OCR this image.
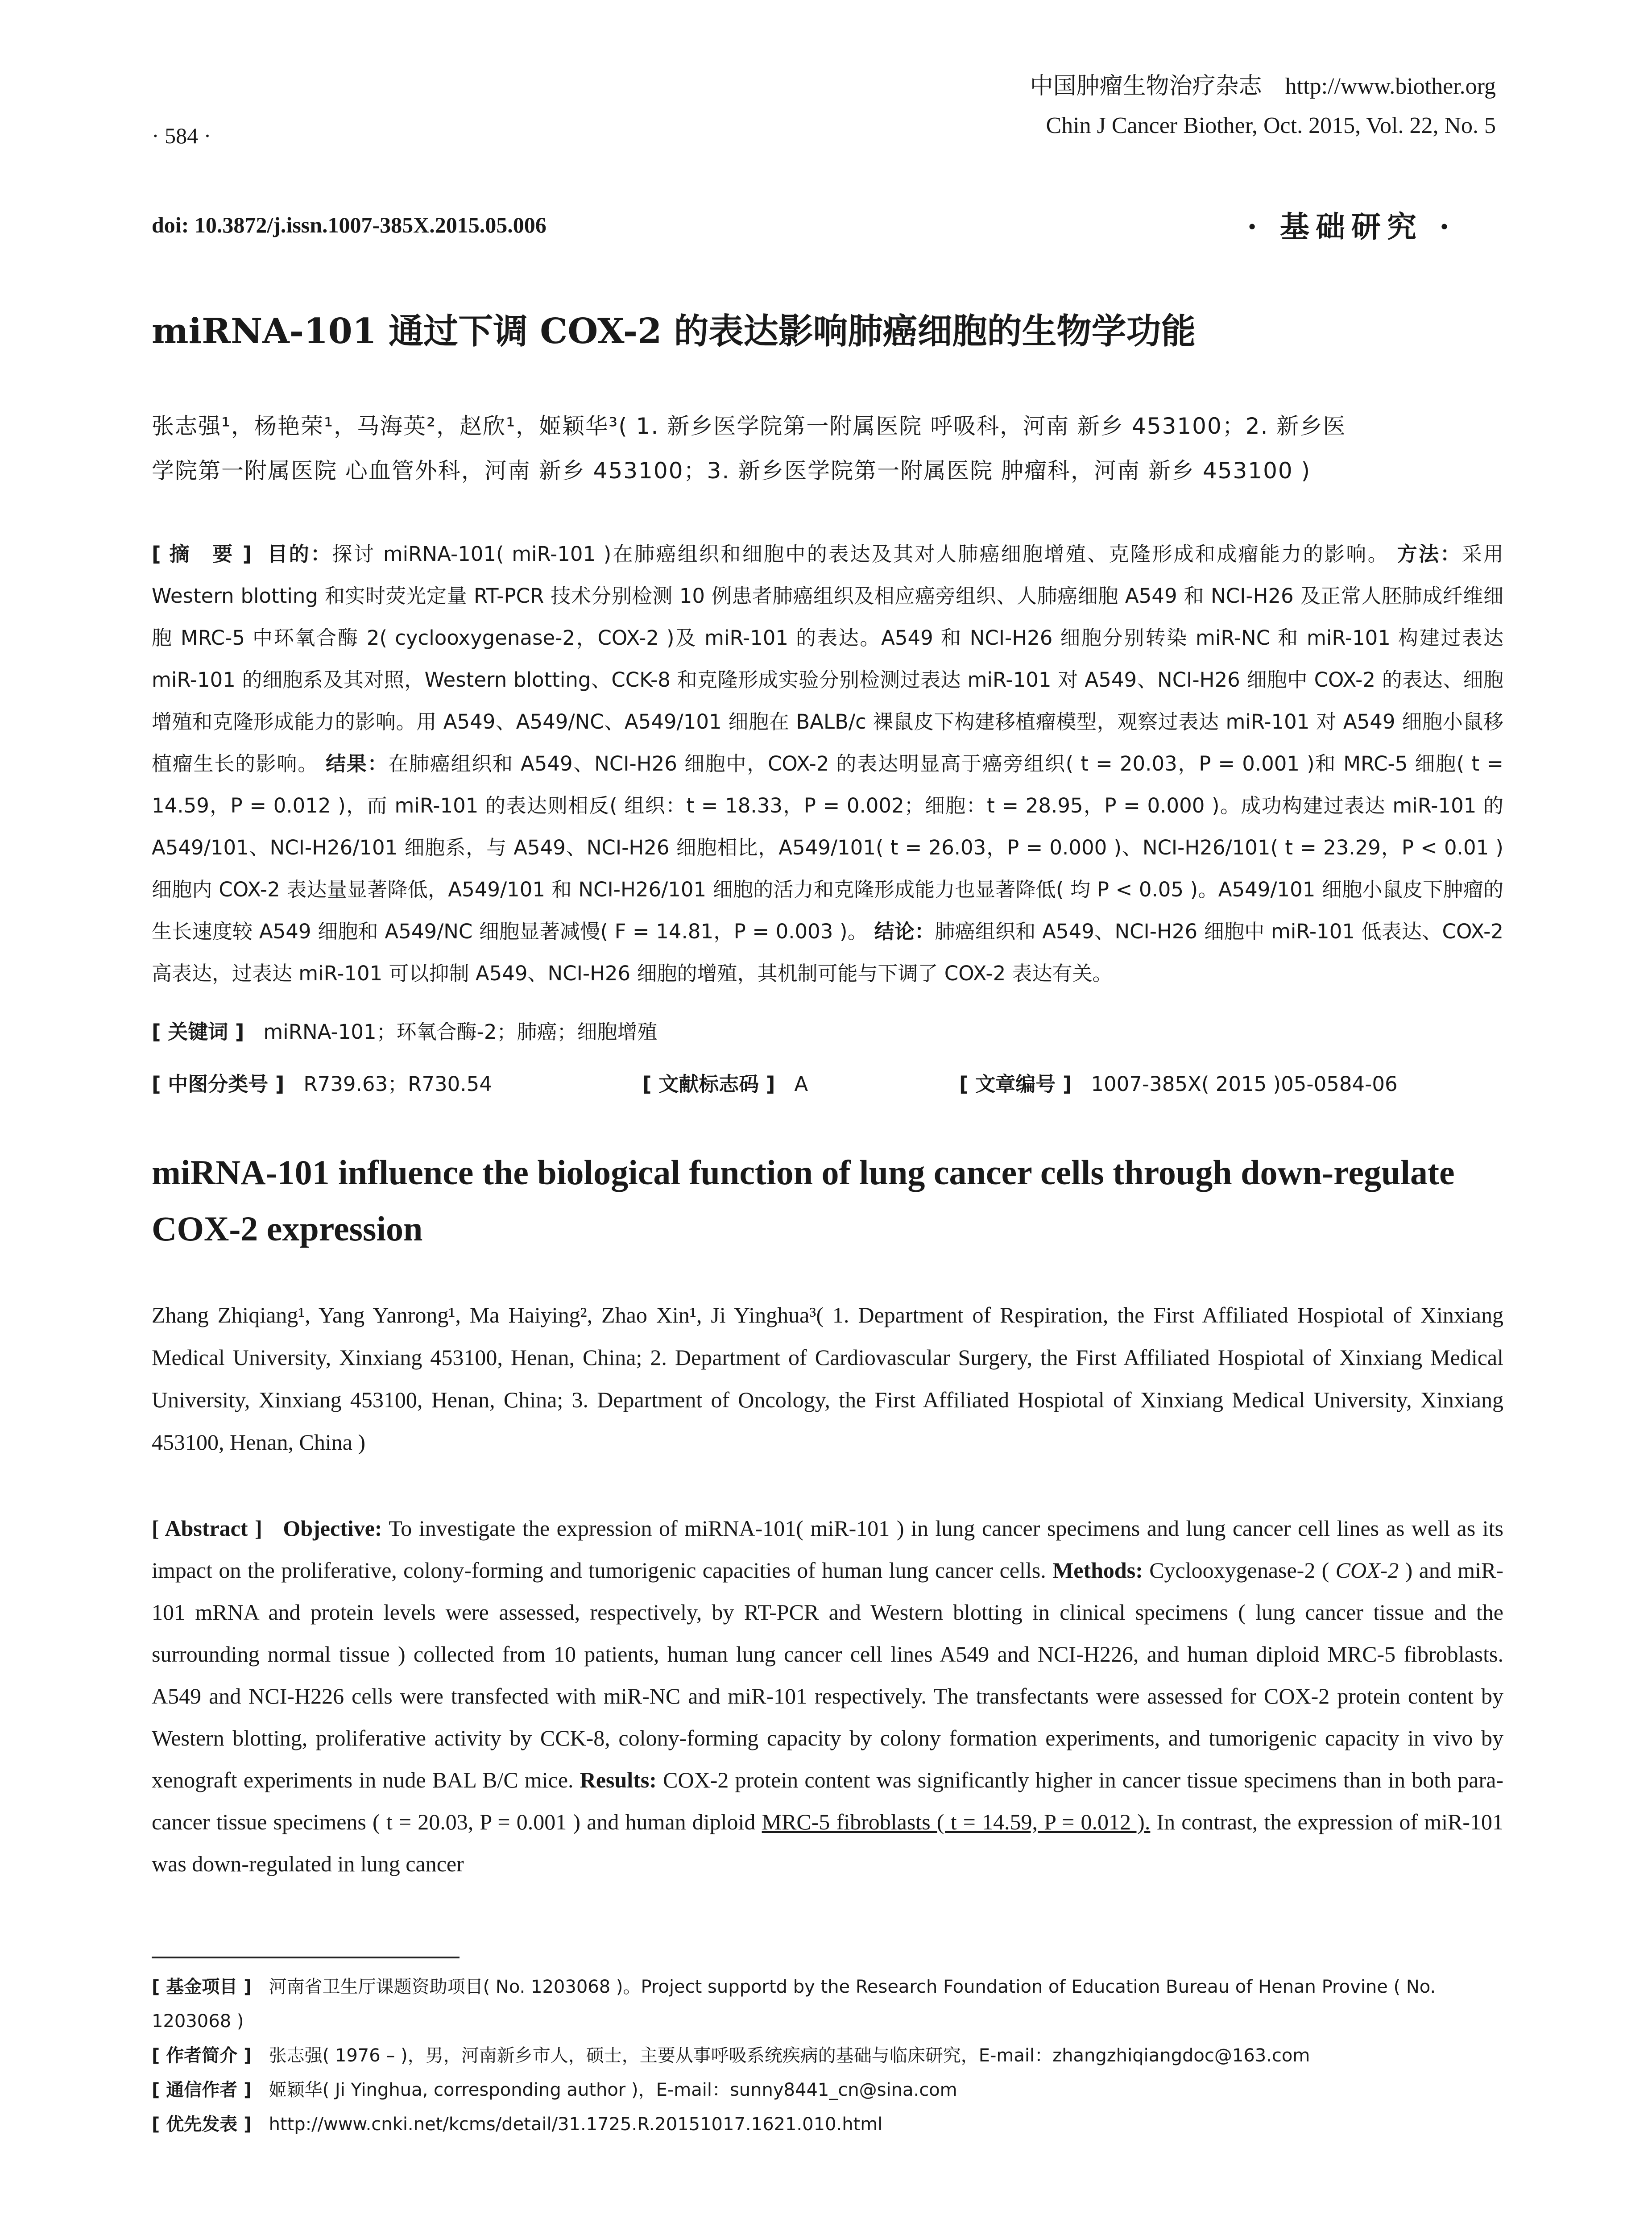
中国肿瘤生物治疗杂志 http://www.biother.org
Chin J Cancer Biother, Oct. 2015, Vol. 22, No. 5
· 584 ·
doi: 10.3872/j.issn.1007-385X.2015.05.006	· 基础研究 ·
miRNA-101 通过下调 COX-2 的表达影响肺癌细胞的生物学功能
张志强¹，杨艳荣¹，马海英²，赵欣¹，姬颖华³( 1. 新乡医学院第一附属医院 呼吸科，河南 新乡 453100；2. 新乡医
学院第一附属医院 心血管外科，河南 新乡 453100；3. 新乡医学院第一附属医院 肿瘤科，河南 新乡 453100 )
[ 摘　要 ] 目的：探讨 miRNA-101( miR-101 )在肺癌组织和细胞中的表达及其对人肺癌细胞增殖、克隆形成和成瘤能力的影响。 方法：采用 Western blotting 和实时荧光定量 RT-PCR 技术分别检测 10 例患者肺癌组织及相应癌旁组织、人肺癌细胞 A549 和 NCI-H26 及正常人胚肺成纤维细胞 MRC-5 中环氧合酶 2( cyclooxygenase-2，COX-2 )及 miR-101 的表达。A549 和 NCI-H26 细胞分别转染 miR-NC 和 miR-101 构建过表达 miR-101 的细胞系及其对照，Western blotting、CCK-8 和克隆形成实验分别检测过表达 miR-101 对 A549、NCI-H26 细胞中 COX-2 的表达、细胞增殖和克隆形成能力的影响。用 A549、A549/NC、A549/101 细胞在 BALB/c 裸鼠皮下构建移植瘤模型，观察过表达 miR-101 对 A549 细胞小鼠移植瘤生长的影响。 结果：在肺癌组织和 A549、NCI-H26 细胞中，COX-2 的表达明显高于癌旁组织( t = 20.03，P = 0.001 )和 MRC-5 细胞( t = 14.59，P = 0.012 )，而 miR-101 的表达则相反( 组织：t = 18.33，P = 0.002；细胞：t = 28.95，P = 0.000 )。成功构建过表达 miR-101 的 A549/101、NCI-H26/101 细胞系，与 A549、NCI-H26 细胞相比，A549/101( t = 26.03，P = 0.000 )、NCI-H26/101( t = 23.29，P < 0.01 )细胞内 COX-2 表达量显著降低，A549/101 和 NCI-H26/101 细胞的活力和克隆形成能力也显著降低( 均 P < 0.05 )。A549/101 细胞小鼠皮下肿瘤的生长速度较 A549 细胞和 A549/NC 细胞显著减慢( F = 14.81，P = 0.003 )。 结论：肺癌组织和 A549、NCI-H26 细胞中 miR-101 低表达、COX-2 高表达，过表达 miR-101 可以抑制 A549、NCI-H26 细胞的增殖，其机制可能与下调了 COX-2 表达有关。
[ 关键词 ] miRNA-101；环氧合酶-2；肺癌；细胞增殖
[ 中图分类号 ] R739.63；R730.54	[ 文献标志码 ] A	[ 文章编号 ] 1007-385X( 2015 )05-0584-06
miRNA-101 influence the biological function of lung cancer cells through down-regulate COX-2 expression
Zhang Zhiqiang¹, Yang Yanrong¹, Ma Haiying², Zhao Xin¹, Ji Yinghua³( 1. Department of Respiration, the First Affiliated Hospiotal of Xinxiang Medical University, Xinxiang 453100, Henan, China; 2. Department of Cardiovascular Surgery, the First Affiliated Hospiotal of Xinxiang Medical University, Xinxiang 453100, Henan, China; 3. Department of Oncology, the First Affiliated Hospiotal of Xinxiang Medical University, Xinxiang 453100, Henan, China )
[ Abstract ] Objective: To investigate the expression of miRNA-101( miR-101 ) in lung cancer specimens and lung cancer cell lines as well as its impact on the proliferative, colony-forming and tumorigenic capacities of human lung cancer cells. Methods: Cyclooxygenase-2 ( COX-2 ) and miR-101 mRNA and protein levels were assessed, respectively, by RT-PCR and Western blotting in clinical specimens ( lung cancer tissue and the surrounding normal tissue ) collected from 10 patients, human lung cancer cell lines A549 and NCI-H226, and human diploid MRC-5 fibroblasts. A549 and NCI-H226 cells were transfected with miR-NC and miR-101 respectively. The transfectants were assessed for COX-2 protein content by Western blotting, proliferative activity by CCK-8, colony-forming capacity by colony formation experiments, and tumorigenic capacity in vivo by xenograft experiments in nude BAL B/C mice. Results: COX-2 protein content was significantly higher in cancer tissue specimens than in both para-cancer tissue specimens ( t = 20.03, P = 0.001 ) and human diploid MRC-5 fibroblasts ( t = 14.59, P = 0.012 ). In contrast, the expression of miR-101 was down-regulated in lung cancer

[ 基金项目 ] 河南省卫生厅课题资助项目( No. 1203068 )。Project supportd by the Research Foundation of Education Bureau of Henan Provine ( No. 1203068 )

[ 作者简介 ] 张志强( 1976 – )，男，河南新乡市人，硕士，主要从事呼吸系统疾病的基础与临床研究，E-mail：zhangzhiqiangdoc@163.com

[ 通信作者 ] 姬颖华( Ji Yinghua, corresponding author )，E-mail：sunny8441_cn@sina.com

[ 优先发表 ] http://www.cnki.net/kcms/detail/31.1725.R.20151017.1621.010.html
